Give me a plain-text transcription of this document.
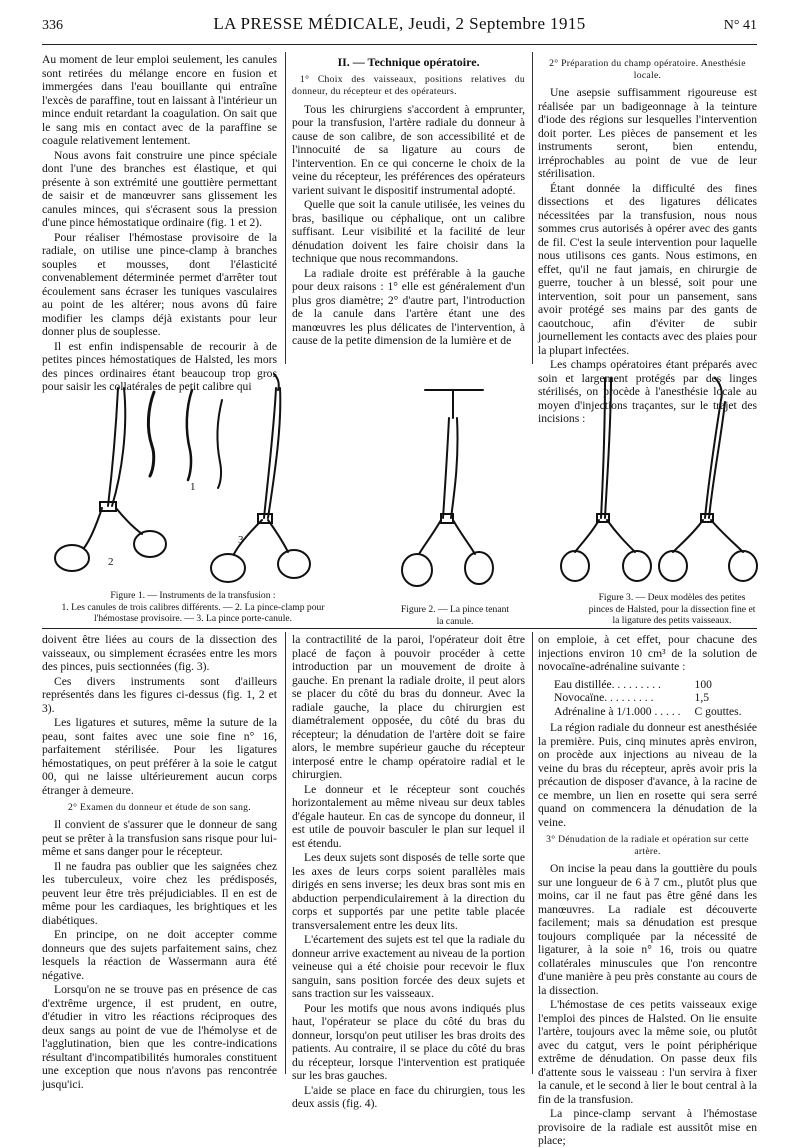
336	LA PRESSE MÉDICALE, Jeudi, 2 Septembre 1915	N° 41

Au moment de leur emploi seulement, les canules sont retirées du mélange encore en fusion et immergées dans l'eau bouillante qui entraîne l'excès de paraffine, tout en laissant à l'intérieur un mince enduit retardant la coagulation. On sait que le sang mis en contact avec de la paraffine se coagule relativement lentement.

Nous avons fait construire une pince spéciale dont l'une des branches est élastique, et qui présente à son extrémité une gouttière permettant de saisir et de manœuvrer sans glissement les canules minces, qui s'écrasent sous la pression d'une pince hémostatique ordinaire (fig. 1 et 2).

Pour réaliser l'hémostase provisoire de la radiale, on utilise une pince-clamp à branches souples et mousses, dont l'élasticité convenablement déterminée permet d'arrêter tout écoulement sans écraser les tuniques vasculaires au point de les altérer; nous avons dû faire modifier les clamps déjà existants pour leur donner plus de souplesse.

Il est enfin indispensable de recourir à de petites pinces hémostatiques de Halsted, les mors des pinces ordinaires étant beaucoup trop gros pour saisir les collatérales de petit calibre qui

II. — Technique opératoire.
1° Choix des vaisseaux, positions relatives du donneur, du récepteur et des opérateurs.

Tous les chirurgiens s'accordent à emprunter, pour la transfusion, l'artère radiale du donneur à cause de son calibre, de son accessibilité et de l'innocuité de sa ligature au cours de l'intervention. En ce qui concerne le choix de la veine du récepteur, les préférences des opérateurs varient suivant le dispositif instrumental adopté.

Quelle que soit la canule utilisée, les veines du bras, basilique ou céphalique, ont un calibre suffisant. Leur visibilité et la facilité de leur dénudation doivent les faire choisir dans la technique que nous recommandons.

La radiale droite est préférable à la gauche pour deux raisons : 1° elle est généralement d'un plus gros diamètre; 2° d'autre part, l'introduction de la canule dans l'artère étant une des manœuvres les plus délicates de l'intervention, à cause de la petite dimension de la lumière et de

2° Préparation du champ opératoire. Anesthésie locale.

Une asepsie suffisamment rigoureuse est réalisée par un badigeonnage à la teinture d'iode des régions sur lesquelles l'intervention doit porter. Les pièces de pansement et les instruments seront, bien entendu, irréprochables au point de vue de leur stérilisation.

Étant donnée la difficulté des fines dissections et des ligatures délicates nécessitées par la transfusion, nous nous sommes crus autorisés à opérer avec des gants de fil. C'est la seule intervention pour laquelle nous utilisons ces gants. Nous estimons, en effet, qu'il ne faut jamais, en chirurgie de guerre, toucher à un blessé, soit pour une intervention, soit pour un pansement, sans avoir protégé ses mains par des gants de caoutchouc, afin d'éviter de subir journellement les contacts avec des plaies pour la plupart infectées.

Les champs opératoires étant préparés avec soin et largement protégés par des linges stérilisés, on procède à l'anesthésie locale au moyen d'injections traçantes, sur le trajet des incisions :

1
2
3
Figure 1. — Instruments de la transfusion :
1. Les canules de trois calibres différents. — 2. La pince-clamp pour l'hémostase provisoire. — 3. La pince porte-canule.
Figure 2. — La pince tenant la canule.
Figure 3. — Deux modèles des petites pinces de Halsted, pour la dissection fine et la ligature des petits vaisseaux.

doivent être liées au cours de la dissection des vaisseaux, ou simplement écrasées entre les mors des pinces, puis sectionnées (fig. 3).

Ces divers instruments sont d'ailleurs représentés dans les figures ci-dessus (fig. 1, 2 et 3).

Les ligatures et sutures, même la suture de la peau, sont faites avec une soie fine n° 16, parfaitement stérilisée. Pour les ligatures hémostatiques, on peut préférer à la soie le catgut 00, qui ne laisse ultérieurement aucun corps étranger à demeure.

2° Examen du donneur et étude de son sang.

Il convient de s'assurer que le donneur de sang peut se prêter à la transfusion sans risque pour lui-même et sans danger pour le récepteur.

Il ne faudra pas oublier que les saignées chez les tuberculeux, voire chez les prédisposés, peuvent leur être très préjudiciables. Il en est de même pour les cardiaques, les brightiques et les diabétiques.

En principe, on ne doit accepter comme donneurs que des sujets parfaitement sains, chez lesquels la réaction de Wassermann aura été négative.

Lorsqu'on ne se trouve pas en présence de cas d'extrême urgence, il est prudent, en outre, d'étudier in vitro les réactions réciproques des deux sangs au point de vue de l'hémolyse et de l'agglutination, bien que les contre-indications résultant d'incompatibilités humorales constituent une exception que nous n'avons pas rencontrée jusqu'ici.

la contractilité de la paroi, l'opérateur doit être placé de façon à pouvoir procéder à cette introduction par un mouvement de droite à gauche. En prenant la radiale droite, il peut alors se placer du côté du bras du donneur. Avec la radiale gauche, la place du chirurgien est diamétralement opposée, du côté du bras du récepteur; la dénudation de l'artère doit se faire alors, le membre supérieur gauche du récepteur interposé entre le champ opératoire radial et le chirurgien.

Le donneur et le récepteur sont couchés horizontalement au même niveau sur deux tables d'égale hauteur. En cas de syncope du donneur, il est utile de pouvoir basculer le plan sur lequel il est étendu.

Les deux sujets sont disposés de telle sorte que les axes de leurs corps soient parallèles mais dirigés en sens inverse; les deux bras sont mis en abduction perpendiculairement à la direction du corps et supportés par une petite table placée transversalement entre les deux lits.

L'écartement des sujets est tel que la radiale du donneur arrive exactement au niveau de la portion veineuse qui a été choisie pour recevoir le flux sanguin, sans position forcée des deux sujets et sans traction sur les vaisseaux.

Pour les motifs que nous avons indiqués plus haut, l'opérateur se place du côté du bras du donneur, lorsqu'on peut utiliser les bras droits des patients. Au contraire, il se place du côté du bras du récepteur, lorsque l'intervention est pratiquée sur les bras gauches.

L'aide se place en face du chirurgien, tous les deux assis (fig. 4).

on emploie, à cet effet, pour chacune des injections environ 10 cm³ de la solution de novocaïne-adrénaline suivante :

Eau distillée. . . . . . . . .	100
Novocaïne. . . . . . . . .	1,5
Adrénaline à 1/1.000 . . . . .	C gouttes.

La région radiale du donneur est anesthésiée la première. Puis, cinq minutes après environ, on procède aux injections au niveau de la veine du bras du récepteur, après avoir pris la précaution de disposer d'avance, à la racine de ce membre, un lien en rosette qui sera serré quand on commencera la dénudation de la veine.

3° Dénudation de la radiale et opération sur cette artère.

On incise la peau dans la gouttière du pouls sur une longueur de 6 à 7 cm., plutôt plus que moins, car il ne faut pas être gêné dans les manœuvres. La radiale est découverte facilement; mais sa dénudation est presque toujours compliquée par la nécessité de ligaturer, à la soie n° 16, trois ou quatre collatérales minuscules que l'on rencontre d'une manière à peu près constante au cours de la dissection.

L'hémostase de ces petits vaisseaux exige l'emploi des pinces de Halsted. On lie ensuite l'artère, toujours avec la même soie, ou plutôt avec du catgut, vers le point périphérique extrême de dénudation. On passe deux fils d'attente sous le vaisseau : l'un servira à fixer la canule, et le second à lier le bout central à la fin de la transfusion.

La pince-clamp servant à l'hémostase provisoire de la radiale est aussitôt mise en place;
